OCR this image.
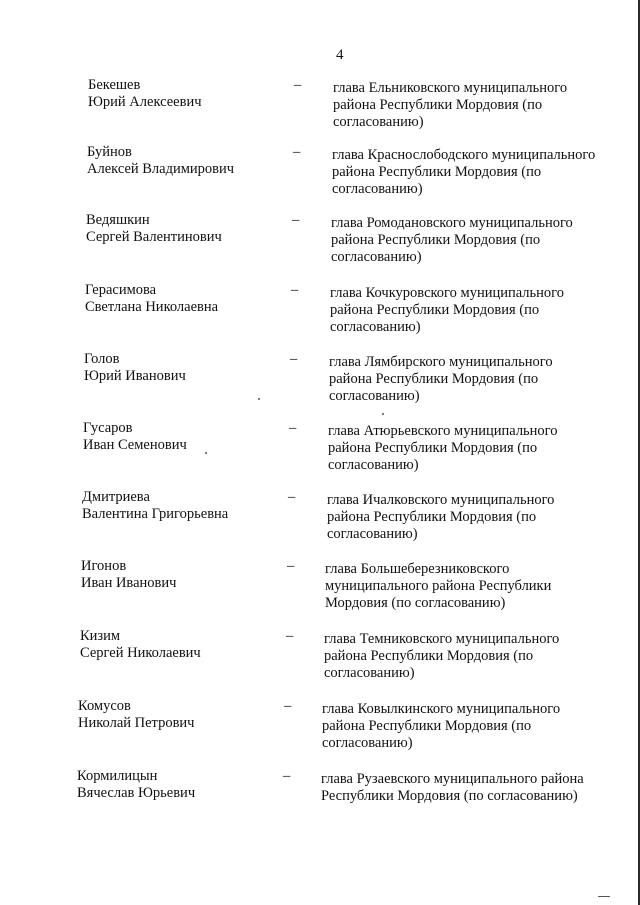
4
Бекешев
Юрий Алексеевич
–	глава Ельниковского муниципального района Республики Мордовия (по согласованию)
Буйнов
Алексей Владимирович
–	глава Краснослободского муниципального района Республики Мордовия (по согласованию)
Ведяшкин
Сергей Валентинович
–	глава Ромодановского муниципального района Республики Мордовия (по согласованию)
Герасимова
Светлана Николаевна
–	глава Кочкуровского муниципального района Республики Мордовия (по согласованию)
Голов
Юрий Иванович
–	глава Лямбирского муниципального района Республики Мордовия (по согласованию)
Гусаров
Иван Семенович
–	глава Атюрьевского муниципального района Республики Мордовия (по согласованию)
Дмитриева
Валентина Григорьевна
–	глава Ичалковского муниципального района Республики Мордовия (по согласованию)
Игонов
Иван Иванович
–	глава Большеберезниковского муниципального района Республики Мордовия (по согласованию)
Кизим
Сергей Николаевич
–	глава Темниковского муниципального района Республики Мордовия (по согласованию)
Комусов
Николай Петрович
–	глава Ковылкинского муниципального района Республики Мордовия (по согласованию)
Кормилицын
Вячеслав Юрьевич
–	глава Рузаевского муниципального района Республики Мордовия (по согласованию)
